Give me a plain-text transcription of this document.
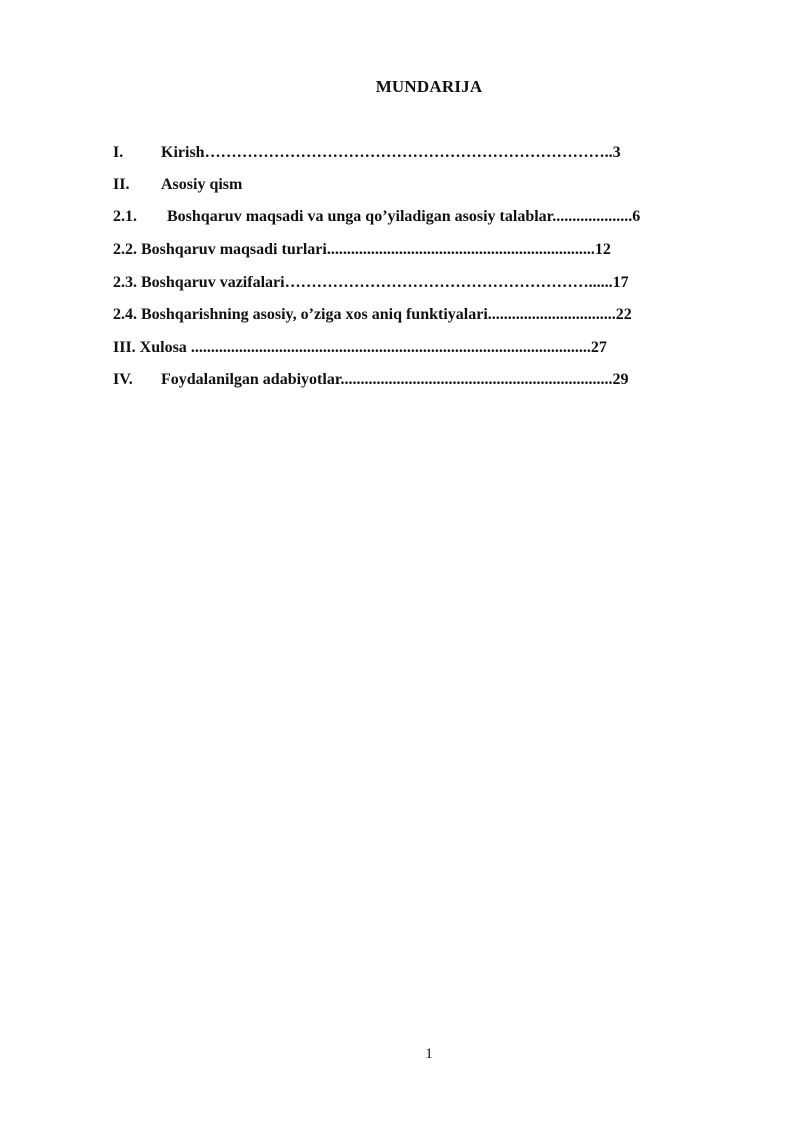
MUNDARIJA
I. Kirish…………………………………………………………………..3
II. Asosiy qism
2.1. Boshqaruv maqsadi va unga qo’yiladigan asosiy talablar....................6
2.2. Boshqaruv maqsadi turlari...................................................................12
2.3. Boshqaruv vazifalari…………………………………………………......17
2.4. Boshqarishning asosiy, o’ziga xos aniq funktiyalari................................22
III. Xulosa ....................................................................................................27
IV. Foydalanilgan adabiyotlar....................................................................29
1
